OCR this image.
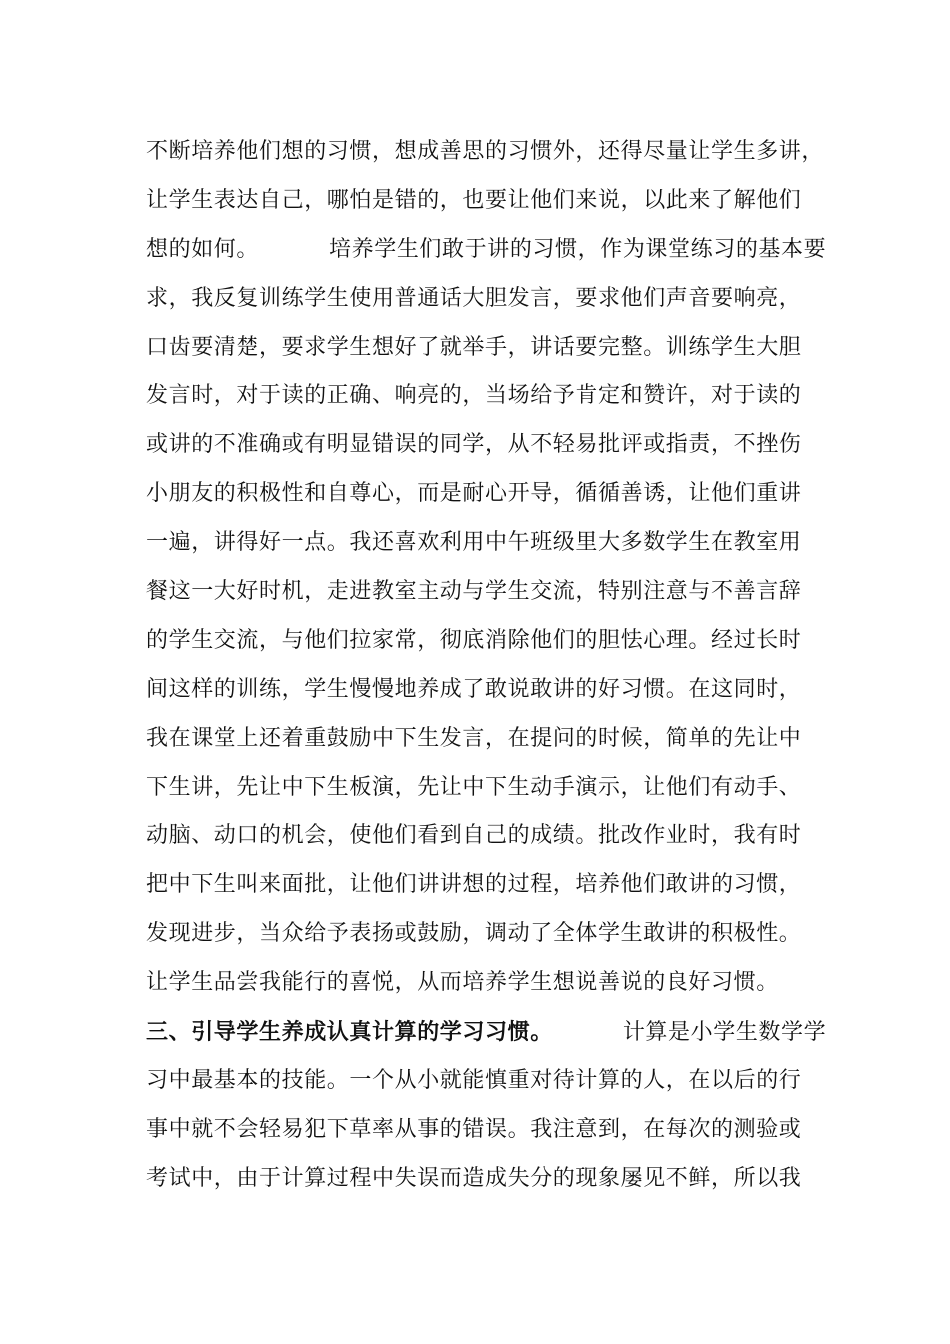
不断培养他们想的习惯，想成善思的习惯外，还得尽量让学生多讲，
让学生表达自己，哪怕是错的，也要让他们来说，以此来了解他们
想的如何。	培养学生们敢于讲的习惯，作为课堂练习的基本要
求，我反复训练学生使用普通话大胆发言，要求他们声音要响亮，
口齿要清楚，要求学生想好了就举手，讲话要完整。训练学生大胆
发言时，对于读的正确、响亮的，当场给予肯定和赞许，对于读的
或讲的不准确或有明显错误的同学，从不轻易批评或指责，不挫伤
小朋友的积极性和自尊心，而是耐心开导，循循善诱，让他们重讲
一遍，讲得好一点。我还喜欢利用中午班级里大多数学生在教室用
餐这一大好时机，走进教室主动与学生交流，特别注意与不善言辞
的学生交流，与他们拉家常，彻底消除他们的胆怯心理。经过长时
间这样的训练，学生慢慢地养成了敢说敢讲的好习惯。在这同时，
我在课堂上还着重鼓励中下生发言，在提问的时候，简单的先让中
下生讲，先让中下生板演，先让中下生动手演示，让他们有动手、
动脑、动口的机会，使他们看到自己的成绩。批改作业时，我有时
把中下生叫来面批，让他们讲讲想的过程，培养他们敢讲的习惯，
发现进步，当众给予表扬或鼓励，调动了全体学生敢讲的积极性。
让学生品尝我能行的喜悦，从而培养学生想说善说的良好习惯。
三、引导学生养成认真计算的学习习惯。	计算是小学生数学学
习中最基本的技能。一个从小就能慎重对待计算的人，在以后的行
事中就不会轻易犯下草率从事的错误。我注意到，在每次的测验或
考试中，由于计算过程中失误而造成失分的现象屡见不鲜，所以我
